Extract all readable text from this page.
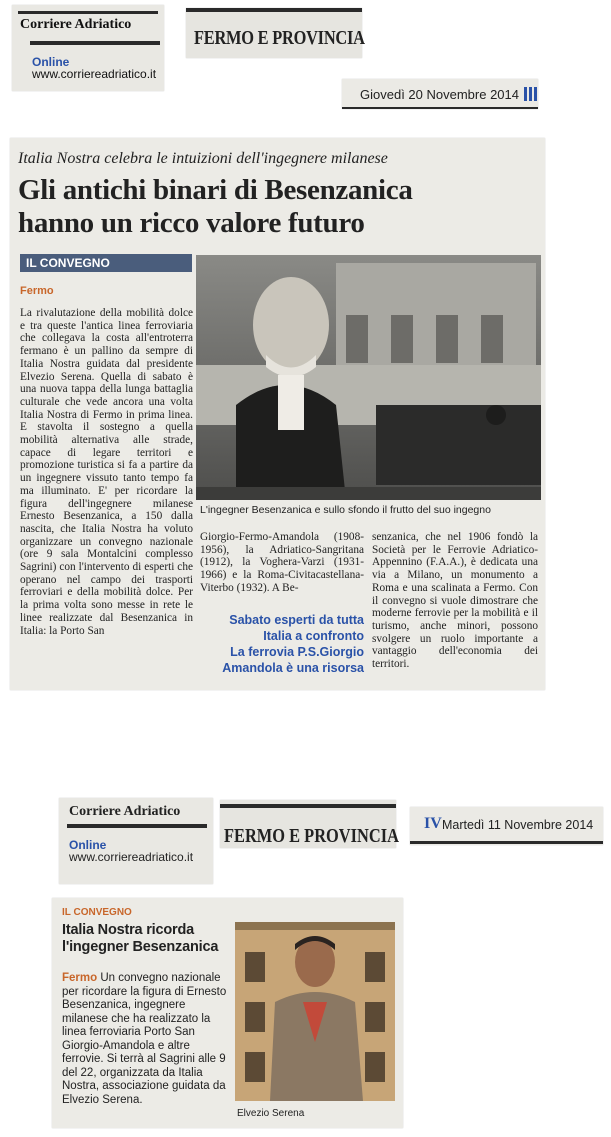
Corriere Adriatico
Online
www.corriereadriatico.it
FERMO E PROVINCIA
Giovedì 20 Novembre 2014
Italia Nostra celebra le intuizioni dell'ingegnere milanese
Gli antichi binari di Besenzanica
hanno un ricco valore futuro
IL CONVEGNO
Fermo
La rivalutazione della mobilità dolce e tra queste l'antica linea ferroviaria che collegava la costa all'entroterra fermano è un pallino da sempre di Italia Nostra guidata dal presidente Elvezio Serena. Quella di sabato è una nuova tappa della lunga battaglia culturale che vede ancora una volta Italia Nostra di Fermo in prima linea. E stavolta il sostegno a quella mobilità alternativa alle strade, capace di legare territori e promozione turistica si fa a partire da un ingegnere vissuto tanto tempo fa ma illuminato. E' per ricordare la figura dell'ingegnere milanese Ernesto Besenzanica, a 150 dalla nascita, che Italia Nostra ha voluto organizzare un convegno nazionale (ore 9 sala Montalcini complesso Sagrini) con l'intervento di esperti che operano nel campo dei trasporti ferroviari e della mobilità dolce. Per la prima volta sono messe in rete le linee realizzate dal Besenzanica in Italia: la Porto San
L'ingegner Besenzanica e sullo sfondo il frutto del suo ingegno
Giorgio-Fermo-Amandola (1908-1956), la Adriatico-Sangritana (1912), la Voghera-Varzi (1931-1966) e la Roma-Civitacastellana-Viterbo (1932). A Be-
senzanica, che nel 1906 fondò la Società per le Ferrovie Adriatico-Appennino (F.A.A.), è dedicata una via a Milano, un monumento a Roma e una scalinata a Fermo. Con il convegno si vuole dimostrare che moderne ferrovie per la mobilità e il turismo, anche minori, possono svolgere un ruolo importante a vantaggio dell'economia dei territori.
Sabato esperti da tutta
Italia a confronto
La ferrovia P.S.Giorgio
Amandola è una risorsa
Corriere Adriatico
Online
www.corriereadriatico.it
FERMO E PROVINCIA
IV Martedì 11 Novembre 2014
IL CONVEGNO
Italia Nostra ricorda
l'ingegner Besenzanica
Fermo Un convegno nazionale per ricordare la figura di Ernesto Besenzanica, ingegnere milanese che ha realizzato la linea ferroviaria Porto San Giorgio-Amandola e altre ferrovie. Si terrà al Sagrini alle 9 del 22, organizzata da Italia Nostra, associazione guidata da Elvezio Serena.
Elvezio Serena
